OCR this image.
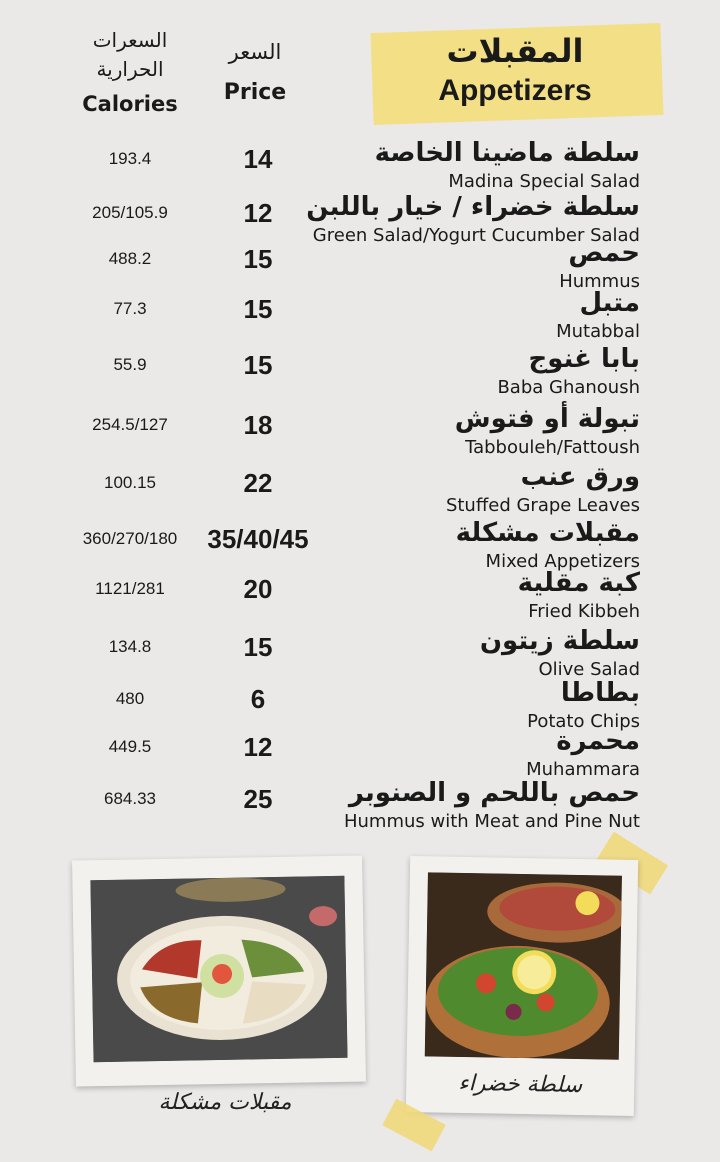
المقبلات
Appetizers
السعر
Price
السعرات الحرارية
Calories
193.4	14	سلطة ماضينا الخاصة
Madina Special Salad
205/105.9	12	سلطة خضراء / خيار باللبن
Green Salad/Yogurt Cucumber Salad
488.2	15	حمص
Hummus
77.3	15	متبل
Mutabbal
55.9	15	بابا غنوج
Baba Ghanoush
254.5/127	18	تبولة أو فتوش
Tabbouleh/Fattoush
100.15	22	ورق عنب
Stuffed Grape Leaves
360/270/180	35/40/45	مقبلات مشكلة
Mixed Appetizers
1121/281	20	كبة مقلية
Fried Kibbeh
134.8	15	سلطة زيتون
Olive Salad
480	6	بطاطا
Potato Chips
449.5	12	محمرة
Muhammara
684.33	25	حمص باللحم و الصنوبر
Hummus with Meat and Pine Nut
مقبلات مشكلة
سلطة خضراء
